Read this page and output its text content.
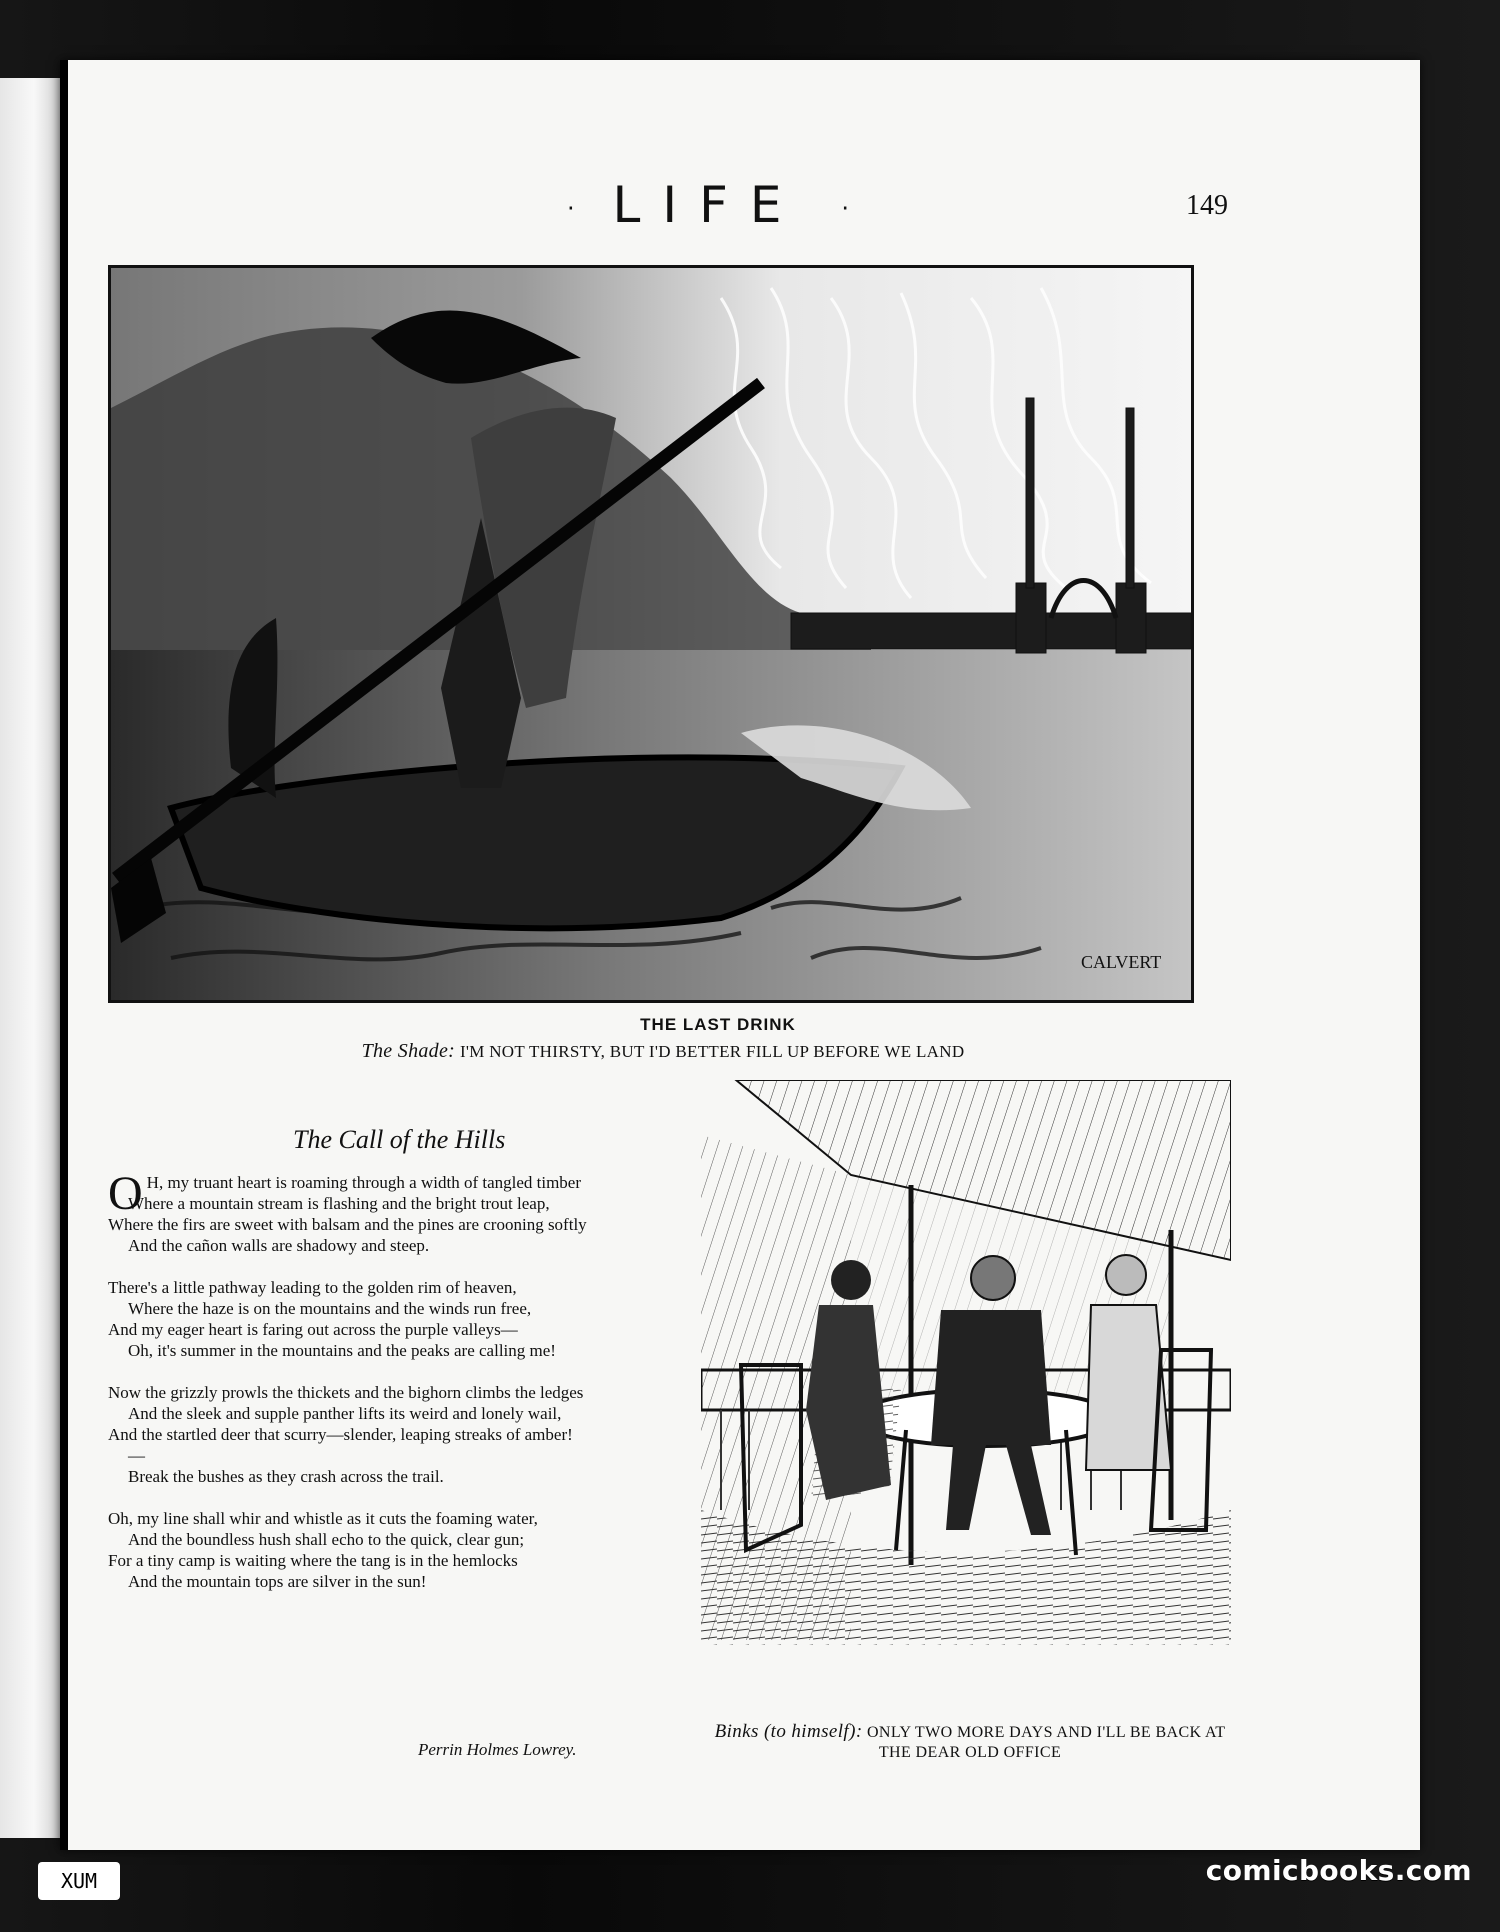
· LIFE ·	149
CALVERT
THE LAST DRINK
The Shade: I'M NOT THIRSTY, BUT I'D BETTER FILL UP BEFORE WE LAND
The Call of the Hills
O H, my truant heart is roaming through a width of tangled timber
Where a mountain stream is flashing and the bright trout leap,
Where the firs are sweet with balsam and the pines are crooning softly
And the cañon walls are shadowy and steep.
There's a little pathway leading to the golden rim of heaven,
Where the haze is on the mountains and the winds run free,
And my eager heart is faring out across the purple valleys—
Oh, it's summer in the mountains and the peaks are calling me!
Now the grizzly prowls the thickets and the bighorn climbs the ledges
And the sleek and supple panther lifts its weird and lonely wail,
And the startled deer that scurry—slender, leaping streaks of amber!—
Break the bushes as they crash across the trail.
Oh, my line shall whir and whistle as it cuts the foaming water,
And the boundless hush shall echo to the quick, clear gun;
For a tiny camp is waiting where the tang is in the hemlocks
And the mountain tops are silver in the sun!
Perrin Holmes Lowrey.
Binks (to himself): ONLY TWO MORE DAYS AND I'LL BE BACK AT THE DEAR OLD OFFICE
XUM	comicbooks.com
